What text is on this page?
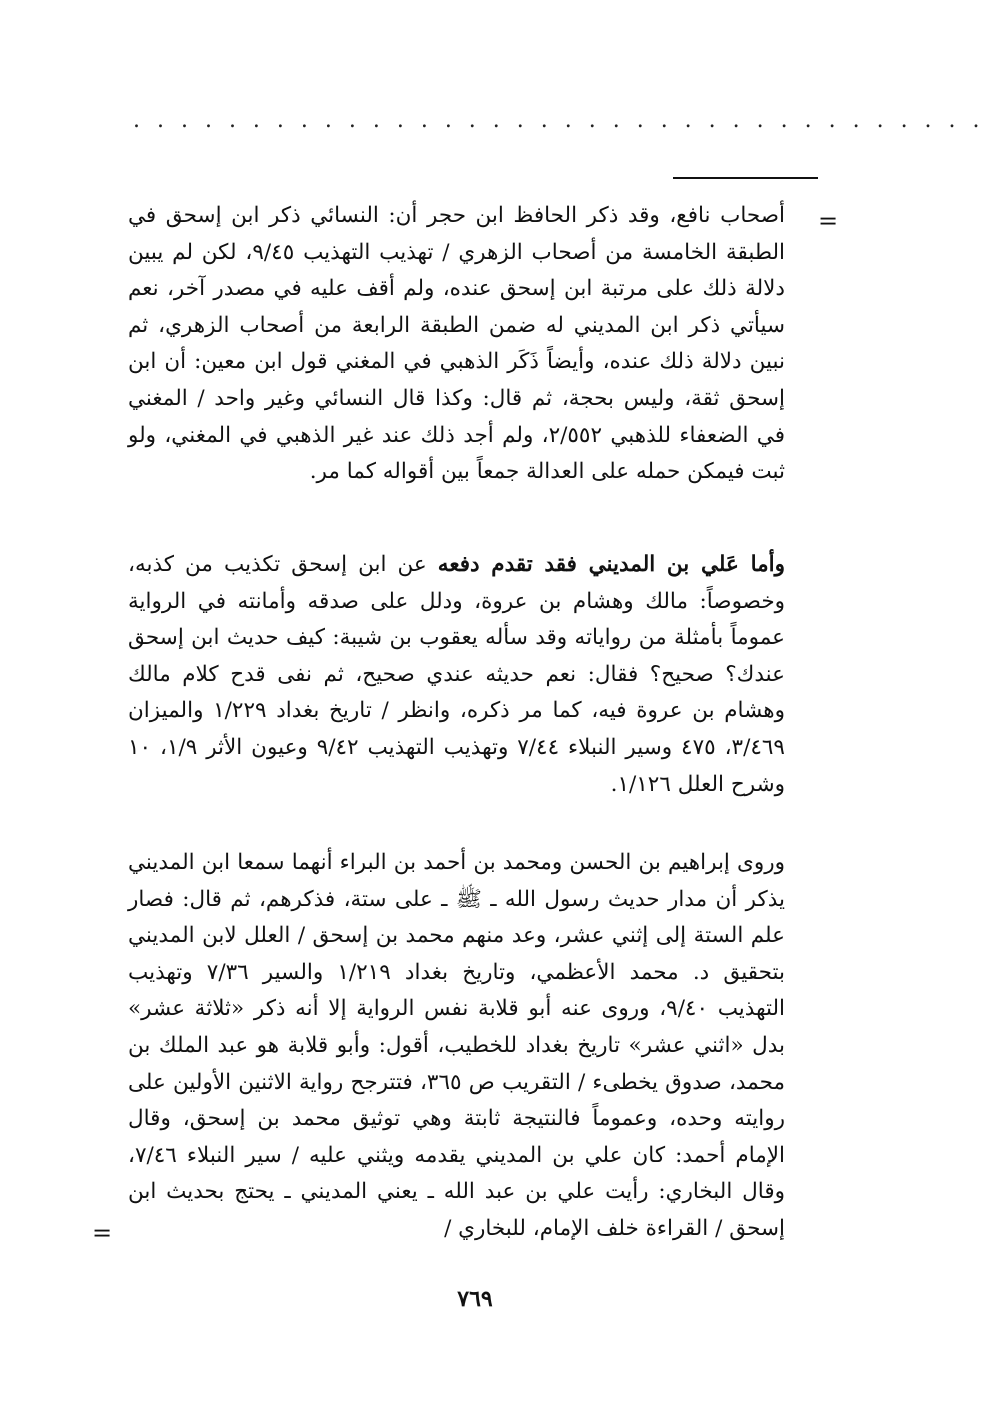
. . . . . . . . . . . . . . . . . . . . . . . . . . . . . . . . . . . .
=
أصحاب نافع، وقد ذكر الحافظ ابن حجر أن: النسائي ذكر ابن إسحق في الطبقة الخامسة من أصحاب الزهري / تهذيب التهذيب ٩/٤٥، لكن لم يبين دلالة ذلك على مرتبة ابن إسحق عنده، ولم أقف عليه في مصدر آخر، نعم سيأتي ذكر ابن المديني له ضمن الطبقة الرابعة من أصحاب الزهري، ثم نبين دلالة ذلك عنده، وأيضاً ذَكَر الذهبي في المغني قول ابن معين: أن ابن إسحق ثقة، وليس بحجة، ثم قال: وكذا قال النسائي وغير واحد / المغني في الضعفاء للذهبي ٢/٥٥٢، ولم أجد ذلك عند غير الذهبي في المغني، ولو ثبت فيمكن حمله على العدالة جمعاً بين أقواله كما مر.
وأما عَلي بن المديني فقد تقدم دفعه عن ابن إسحق تكذيب من كذبه، وخصوصاً: مالك وهشام بن عروة، ودلل على صدقه وأمانته في الرواية عموماً بأمثلة من رواياته وقد سأله يعقوب بن شيبة: كيف حديث ابن إسحق عندك؟ صحيح؟ فقال: نعم حديثه عندي صحيح، ثم نفى قدح كلام مالك وهشام بن عروة فيه، كما مر ذكره، وانظر / تاريخ بغداد ١/٢٢٩ والميزان ٣/٤٦٩، ٤٧٥ وسير النبلاء ٧/٤٤ وتهذيب التهذيب ٩/٤٢ وعيون الأثر ١/٩، ١٠ وشرح العلل ١/١٢٦.
وروى إبراهيم بن الحسن ومحمد بن أحمد بن البراء أنهما سمعا ابن المديني يذكر أن مدار حديث رسول الله ـ ﷺ ـ على ستة، فذكرهم، ثم قال: فصار علم الستة إلى إثني عشر، وعد منهم محمد بن إسحق / العلل لابن المديني بتحقيق د. محمد الأعظمي، وتاريخ بغداد ١/٢١٩ والسير ٧/٣٦ وتهذيب التهذيب ٩/٤٠، وروى عنه أبو قلابة نفس الرواية إلا أنه ذكر «ثلاثة عشر» بدل «اثني عشر» تاريخ بغداد للخطيب، أقول: وأبو قلابة هو عبد الملك بن محمد، صدوق يخطىء / التقريب ص ٣٦٥، فتترجح رواية الاثنين الأولين على روايته وحده، وعموماً فالنتيجة ثابتة وهي توثيق محمد بن إسحق، وقال الإمام أحمد: كان علي بن المديني يقدمه ويثني عليه / سير النبلاء ٧/٤٦، وقال البخاري: رأيت علي بن عبد الله ـ يعني المديني ـ يحتج بحديث ابن إسحق / القراءة خلف الإمام، للبخاري /
=
٧٦٩
